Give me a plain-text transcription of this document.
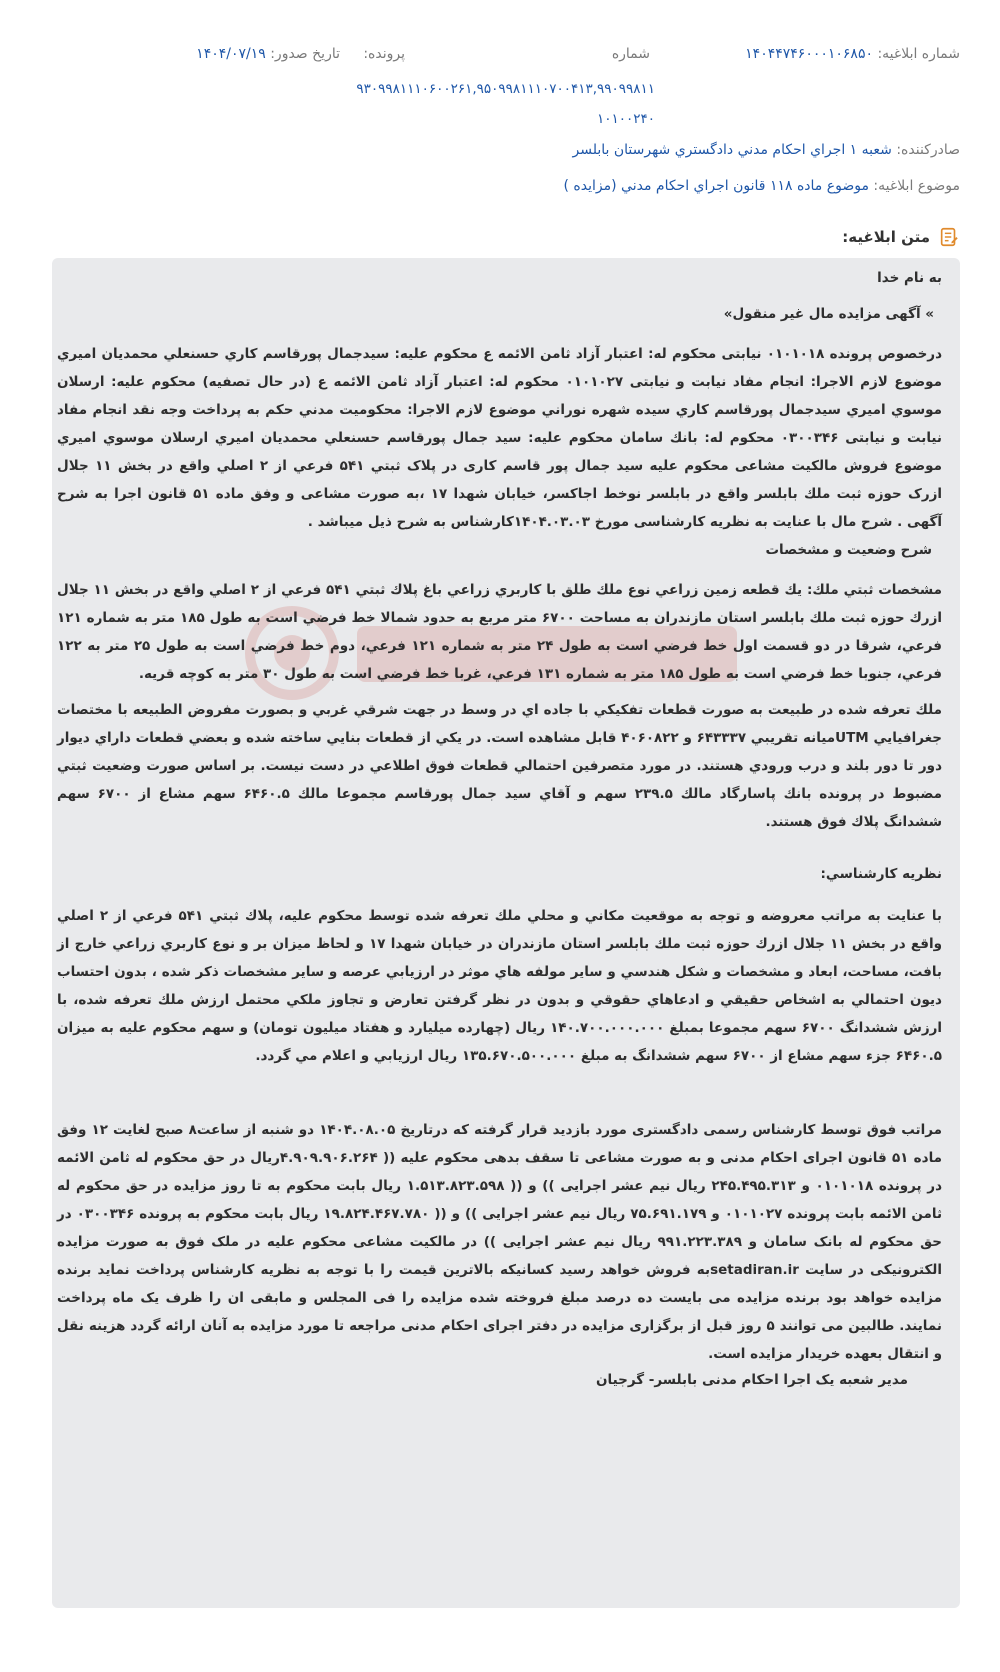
شماره ابلاغیه: ۱۴۰۴۴۷۴۶۰۰۰۱۰۶۸۵۰
شماره
پرونده:
۹۳۰۹۹۸۱۱۱۰۶۰۰۲۶۱,۹۵۰۹۹۸۱۱۱۰۷۰۰۴۱۳,۹۹۰۹۹۸۱۱۱۰۱۰۰۲۴۰
تاریخ صدور: ۱۴۰۴/۰۷/۱۹
صادرکننده: شعبه ۱ اجراي احكام مدني دادگستري شهرستان بابلسر
موضوع ابلاغیه: موضوع ماده ۱۱۸ قانون اجراي احكام مدني (مزايده )
متن ابلاغیه:

به نام خدا

» آگهی مزایده مال غیر منقول»

درخصوص پرونده ۰۱۰۱۰۱۸ نيابتی محكوم له: اعتبار آزاد ثامن الائمه ع محکوم علیه: سیدجمال پورقاسم کاري حسنعلي محمديان اميري موضوع لازم الاجرا: انجام مفاد نيابت و نيابتی ۰۱۰۱۰۲۷ محکوم له: اعتبار آزاد ثامن الائمه ع (در حال تصفیه) محکوم علیه: ارسلان موسوي اميري سيدجمال پورقاسم كاري سيده شهره نوراني موضوع لازم الاجرا: محکومیت مدني حكم به پرداخت وجه نقد انجام مفاد نيابت و نيابتی ۰۳۰۰۳۴۶ محكوم له: بانك سامان محکوم علیه: سيد جمال پورقاسم حسنعلي محمديان اميري ارسلان موسوي اميري موضوع فروش مالكيت مشاعی محکوم علیه سيد جمال پور قاسم كاری در پلاک ثبتي ۵۴۱ فرعي از ۲ اصلي واقع در بخش ۱۱ جلال ازرک حوزه ثبت ملك بابلسر واقع در بابلسر نوخط اجاكسر، خيابان شهدا ۱۷ ،به صورت مشاعی و وفق ماده ۵۱ قانون اجرا به شرح آگهی . شرح مال با عنایت به نظریه کارشناسی مورخ ۱۴۰۴.۰۳.۰۳كارشناس به شرح ذيل ميباشد .

شرح وضعيت و مشخصات

مشخصات ثبتي ملك: يك قطعه زمين زراعي نوع ملك طلق با كاربري زراعي باغ پلاك ثبتي ۵۴۱ فرعي از ۲ اصلي واقع در بخش ۱۱ جلال ازرك حوزه ثبت ملك بابلسر استان مازندران به مساحت ۶۷۰۰ متر مربع به حدود شمالا خط فرضي است به طول ۱۸۵ متر به شماره ۱۲۱ فرعي، شرقا در دو قسمت اول خط فرضي است به طول ۲۴ متر به شماره ۱۲۱ فرعي، دوم خط فرضي است به طول ۲۵ متر به ۱۲۲ فرعي، جنوبا خط فرضي است به طول ۱۸۵ متر به شماره ۱۳۱ فرعي، غربا خط فرضي است به طول ۳۰ متر به كوچه قريه.

ملك تعرفه شده در طبيعت به صورت قطعات تفكيكي با جاده اي در وسط در جهت شرقي غربي و بصورت مفروض الطبيعه با مختصات جغرافيايي UTMميانه تقريبي ۶۴۳۳۳۷ و ۴۰۶۰۸۲۲ قابل مشاهده است. در يكي از قطعات بنايي ساخته شده و بعضي قطعات داراي ديوار دور تا دور بلند و درب ورودي هستند. در مورد متصرفين احتمالي قطعات فوق اطلاعي در دست نيست. بر اساس صورت وضعيت ثبتي مضبوط در پرونده بانك پاسارگاد مالك ۲۳۹.۵ سهم و آقاي سيد جمال پورقاسم مجموعا مالك ۶۴۶۰.۵ سهم مشاع از ۶۷۰۰ سهم ششدانگ پلاك فوق هستند.

نظريه كارشناسي:

با عنايت به مراتب معروضه و توجه به موقعيت مكاني و محلي ملك تعرفه شده توسط محكوم عليه، پلاك ثبتي ۵۴۱ فرعي از ۲ اصلي واقع در بخش ۱۱ جلال ازرك حوزه ثبت ملك بابلسر استان مازندران در خيابان شهدا ۱۷ و لحاظ ميزان بر و نوع كاربري زراعي خارج از بافت، مساحت، ابعاد و مشخصات و شكل هندسي و ساير مولفه هاي موثر در ارزيابي عرصه و ساير مشخصات ذكر شده ، بدون احتساب ديون احتمالي به اشخاص حقيقي و ادعاهاي حقوقي و بدون در نظر گرفتن تعارض و تجاوز ملكي محتمل ارزش ملك تعرفه شده، با ارزش ششدانگ ۶۷۰۰ سهم مجموعا بمبلغ ۱۴۰.۷۰۰.۰۰۰.۰۰۰ ريال (چهارده ميليارد و هفتاد ميليون تومان) و سهم محكوم عليه به ميزان ۶۴۶۰.۵ جزء سهم مشاع از ۶۷۰۰ سهم ششدانگ به مبلغ ۱۳۵.۶۷۰.۵۰۰.۰۰۰ ريال ارزيابي و اعلام مي گردد.

مراتب فوق توسط کارشناس رسمی دادگستری مورد بازدید قرار گرفته که درتاریخ ۱۴۰۴.۰۸.۰۵ دو شنبه از ساعت۸ صبح لغایت ۱۲ وفق ماده ۵۱ قانون اجرای احکام مدنی و به صورت مشاعی تا سقف بدهی محکوم علیه (( ۴.۹۰۹.۹۰۶.۲۶۴ریال در حق محکوم له ثامن الائمه در پرونده ۰۱۰۱۰۱۸ و ۲۴۵.۴۹۵.۳۱۳ ریال نیم عشر اجرایی )) و (( ۱.۵۱۳.۸۲۳.۵۹۸ ریال بابت محکوم به تا روز مزایده در حق محکوم له ثامن الائمه بابت پرونده ۰۱۰۱۰۲۷ و ۷۵.۶۹۱.۱۷۹ ریال نیم عشر اجرایی )) و (( ۱۹.۸۲۴.۴۶۷.۷۸۰ ریال بابت محکوم به پرونده ۰۳۰۰۳۴۶ در حق محکوم له بانک سامان و ۹۹۱.۲۲۳.۳۸۹ ریال نیم عشر اجرایی )) در مالکیت مشاعی محکوم علیه در ملک فوق به صورت مزایده الکترونیکی در سایت setadiran.irبه فروش خواهد رسید کسانیکه بالاترین قیمت را با توجه به نظریه کارشناس پرداخت نماید برنده مزایده خواهد بود برنده مزایده می بایست ده درصد مبلغ فروخته شده مزایده را فی المجلس و مابقی ان را ظرف یک ماه پرداخت نمایند. طالبین می توانند ۵ روز قبل از برگزاری مزایده در دفتر اجرای احکام مدنی مراجعه تا مورد مزایده به آنان ارائه گردد هزینه نقل و انتقال بعهده خریدار مزایده است.

مدیر شعبه یک اجرا احکام مدنی بابلسر- گرجیان
